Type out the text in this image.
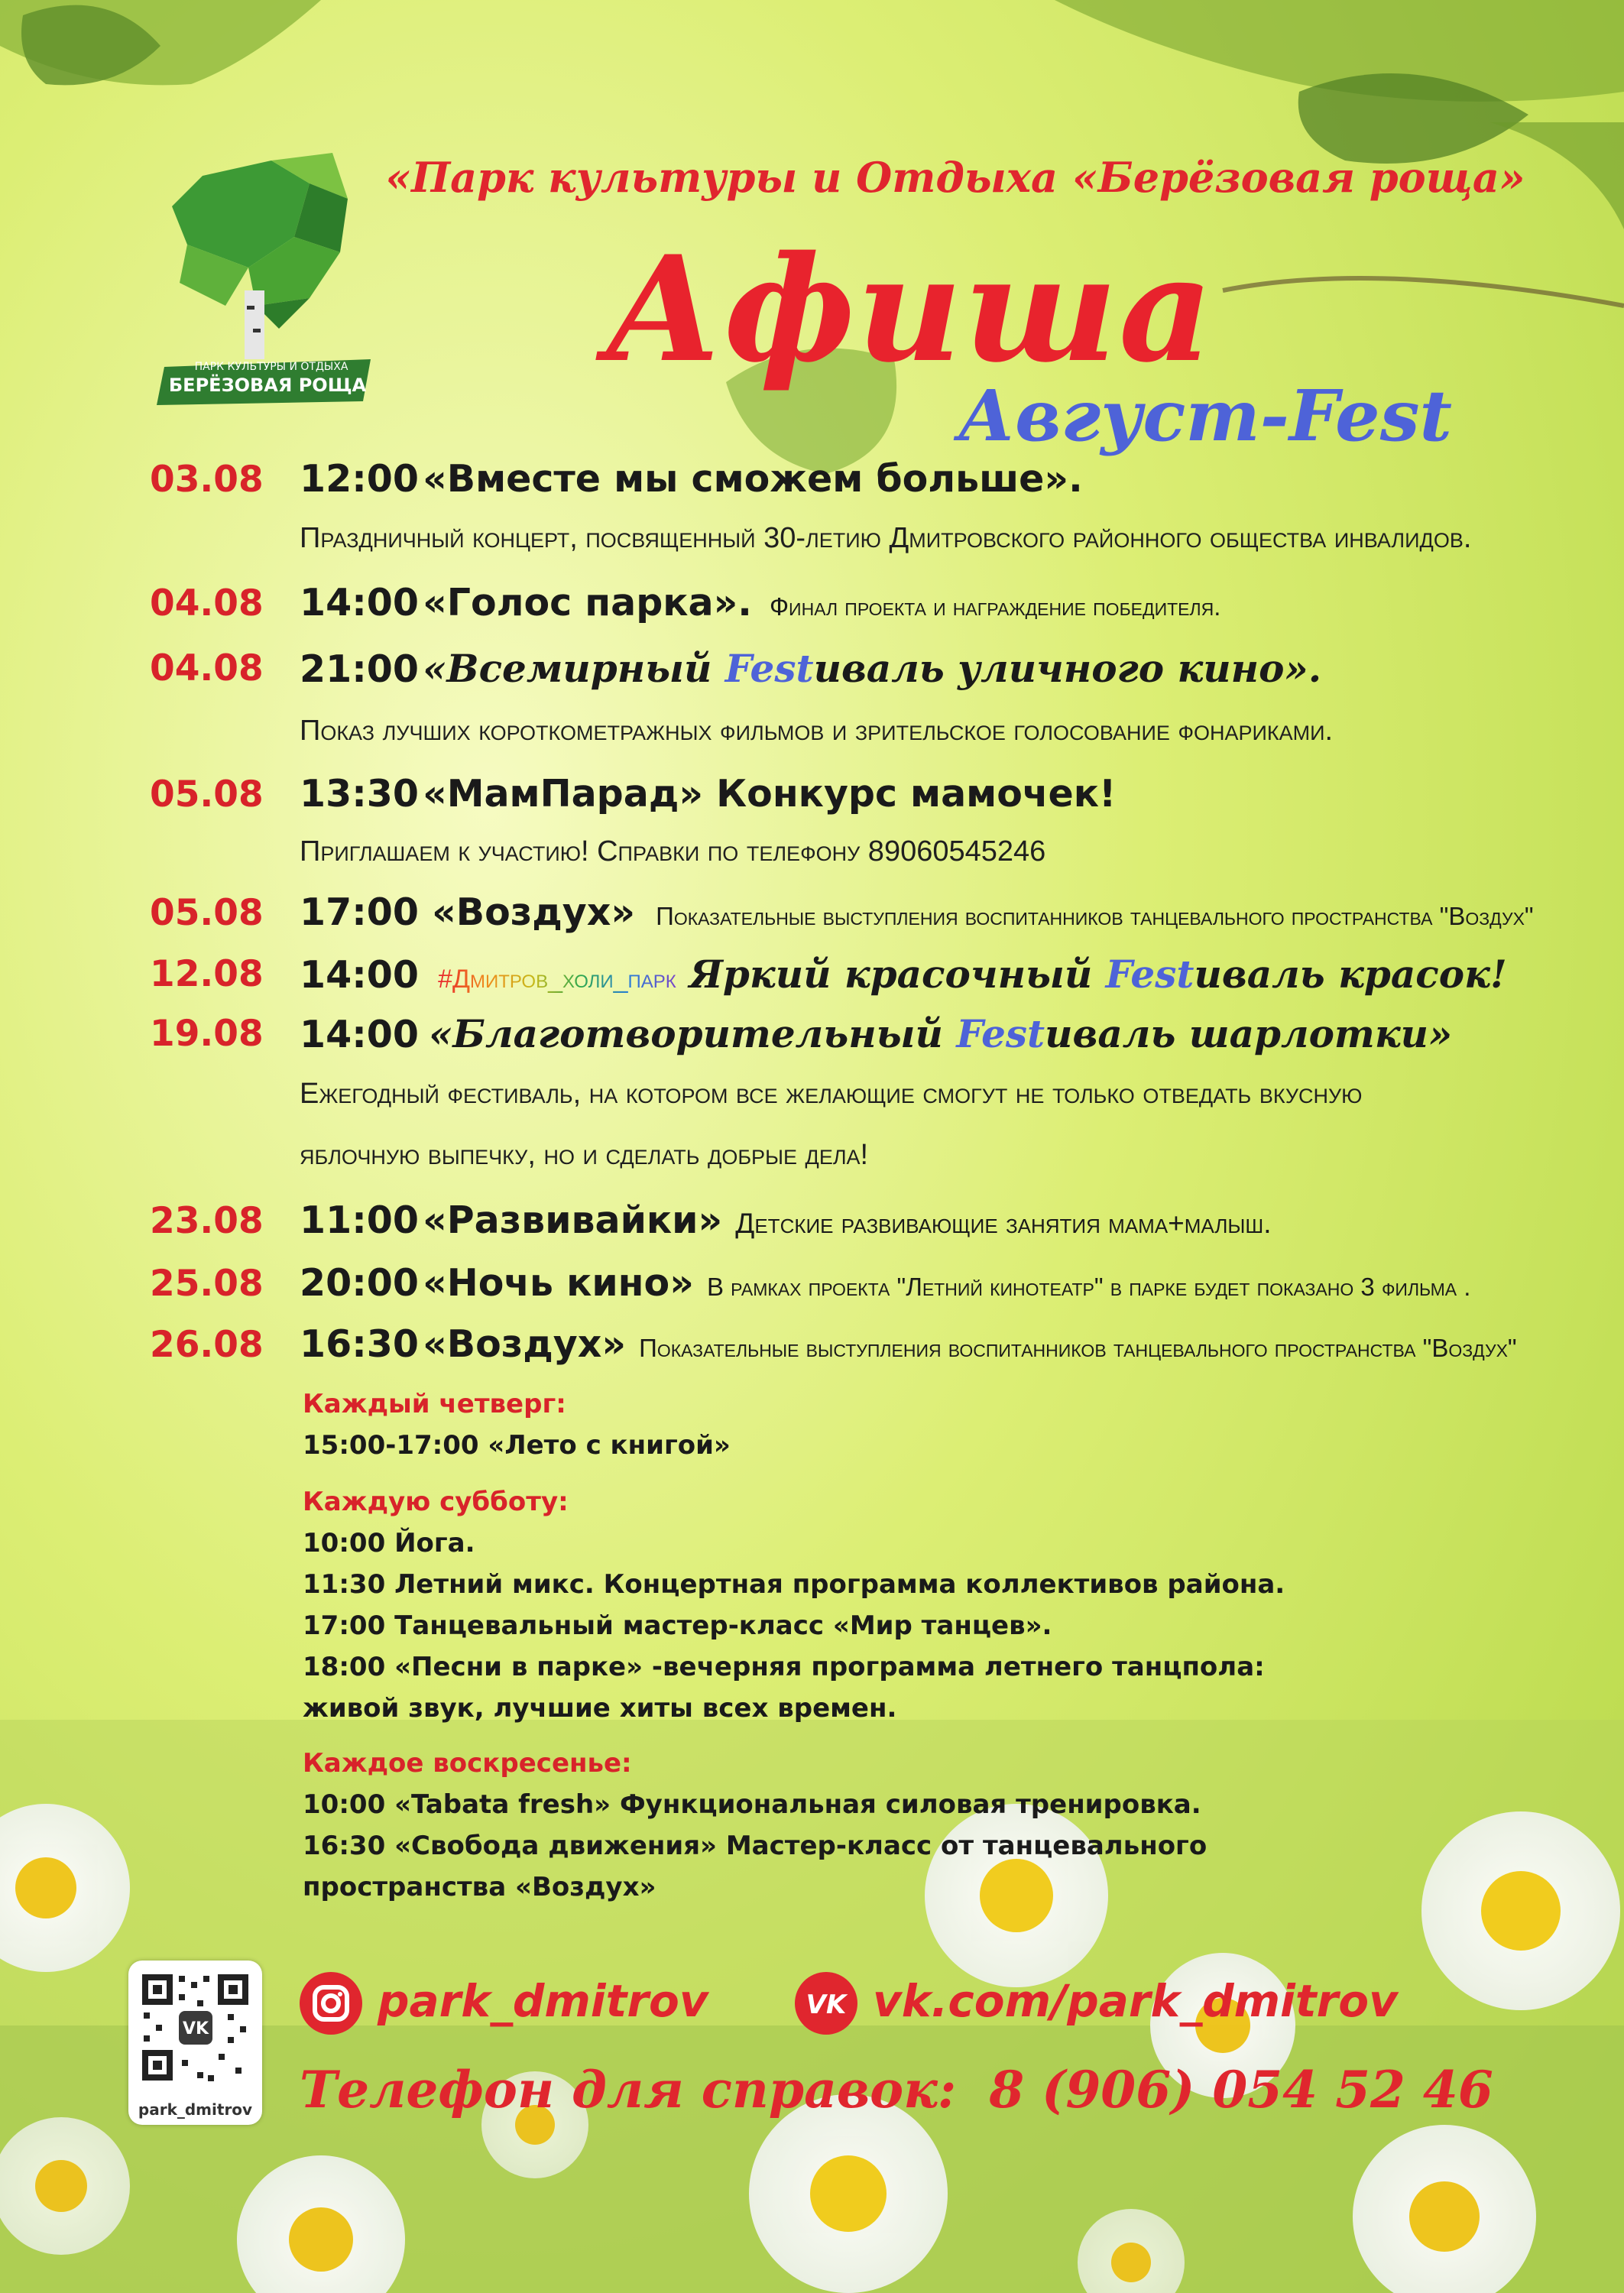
ПАРК КУЛЬТУРЫ И ОТДЫХА
БЕРЁЗОВАЯ РОЩА
«Парк культуры и Отдыха «Берёзовая роща»
Афиша
Август-Fest
03.08 12:00 «Вместе мы сможем больше».
Праздничный концерт, посвященный 30-летию Дмитровского районного общества инвалидов.
04.08 14:00 «Голос парка». Финал проекта и награждение победителя.
04.08 21:00 «Всемирный Festиваль уличного кино».
Показ лучших короткометражных фильмов и зрительское голосование фонариками.
05.08 13:30 «МамПарад» Конкурс мамочек!
Приглашаем к участию! Справки по телефону 89060545246
05.08 17:00 «Воздух» Показательные выступления воспитанников танцевального пространства "Воздух"
12.08 14:00 #Дмитров_холи_парк Яркий красочный Festиваль красок!
19.08 14:00 «Благотворительный Festиваль шарлотки»
Ежегодный фестиваль, на котором все желающие смогут не только отведать вкусную
яблочную выпечку, но и сделать добрые дела!
23.08 11:00 «Развивайки» Детские развивающие занятия мама+малыш.
25.08 20:00 «Ночь кино» В рамках проекта "Летний кинотеатр" в парке будет показано 3 фильма .
26.08 16:30 «Воздух» Показательные выступления воспитанников танцевального пространства "Воздух"
Каждый четверг:
15:00-17:00 «Лето с книгой»
Каждую субботу:
10:00 Йога.
11:30 Летний микс. Концертная программа коллективов района.
17:00 Танцевальный мастер-класс «Мир танцев».
18:00 «Песни в парке» -вечерняя программа летнего танцпола:
живой звук, лучшие хиты всех времен.
Каждое воскресенье:
10:00 «Tabata fresh» Функциональная силовая тренировка.
16:30 «Свобода движения» Мастер-класс от танцевального
пространства «Воздух»
VK
park_dmitrov
park_dmitrov	VK vk.com/park_dmitrov
Телефон для справок: 8 (906) 054 52 46
